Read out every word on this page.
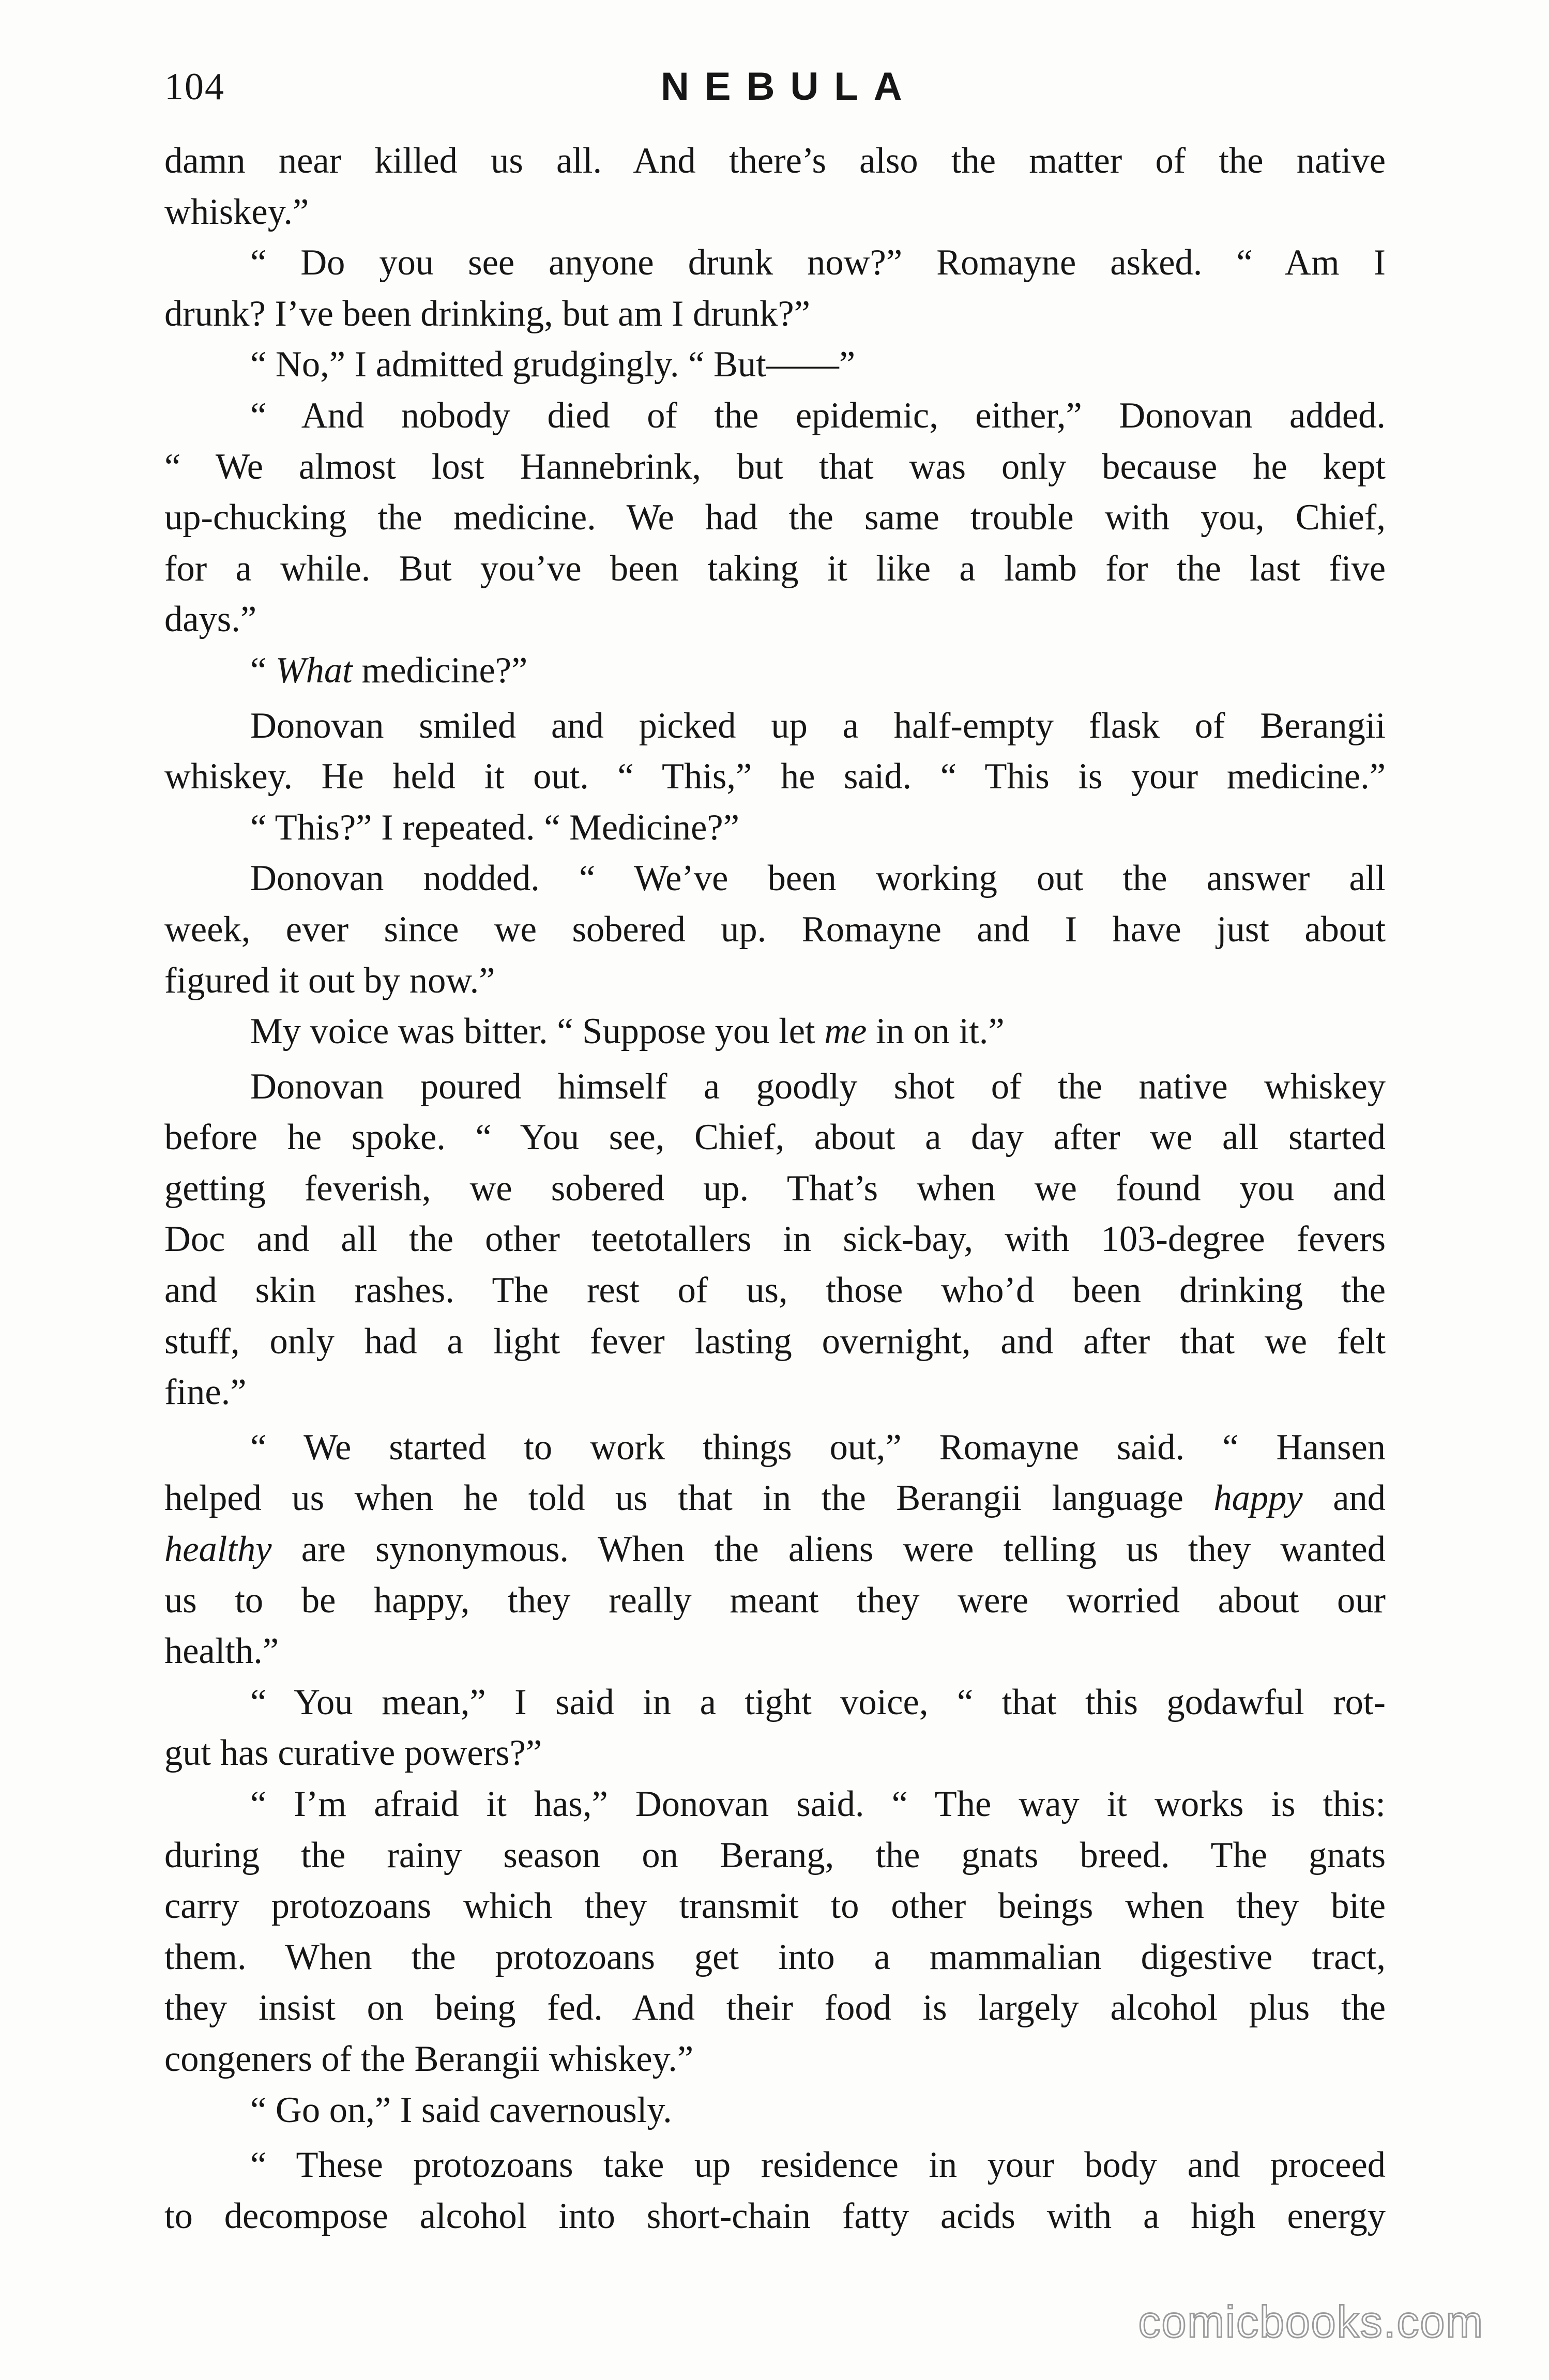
104	NEBULA
damn near killed us all. And there’s also the matter of the native
whiskey.”
“ Do you see anyone drunk now?” Romayne asked. “ Am I
drunk? I’ve been drinking, but am I drunk?”
“ No,” I admitted grudgingly. “ But——”
“ And nobody died of the epidemic, either,” Donovan added.
“ We almost lost Hannebrink, but that was only because he kept
up-chucking the medicine. We had the same trouble with you, Chief,
for a while. But you’ve been taking it like a lamb for the last five
days.”
“ What medicine?”
Donovan smiled and picked up a half-empty flask of Berangii
whiskey. He held it out. “ This,” he said. “ This is your medicine.”
“ This?” I repeated. “ Medicine?”
Donovan nodded. “ We’ve been working out the answer all
week, ever since we sobered up. Romayne and I have just about
figured it out by now.”
My voice was bitter. “ Suppose you let me in on it.”
Donovan poured himself a goodly shot of the native whiskey
before he spoke. “ You see, Chief, about a day after we all started
getting feverish, we sobered up. That’s when we found you and
Doc and all the other teetotallers in sick-bay, with 103-degree fevers
and skin rashes. The rest of us, those who’d been drinking the
stuff, only had a light fever lasting overnight, and after that we felt
fine.”
“ We started to work things out,” Romayne said. “ Hansen
helped us when he told us that in the Berangii language happy and
healthy are synonymous. When the aliens were telling us they wanted
us to be happy, they really meant they were worried about our
health.”
“ You mean,” I said in a tight voice, “ that this godawful rot-
gut has curative powers?”
“ I’m afraid it has,” Donovan said. “ The way it works is this:
during the rainy season on Berang, the gnats breed. The gnats
carry protozoans which they transmit to other beings when they bite
them. When the protozoans get into a mammalian digestive tract,
they insist on being fed. And their food is largely alcohol plus the
congeners of the Berangii whiskey.”
“ Go on,” I said cavernously.
“ These protozoans take up residence in your body and proceed
to decompose alcohol into short-chain fatty acids with a high energy
comicbooks.com
